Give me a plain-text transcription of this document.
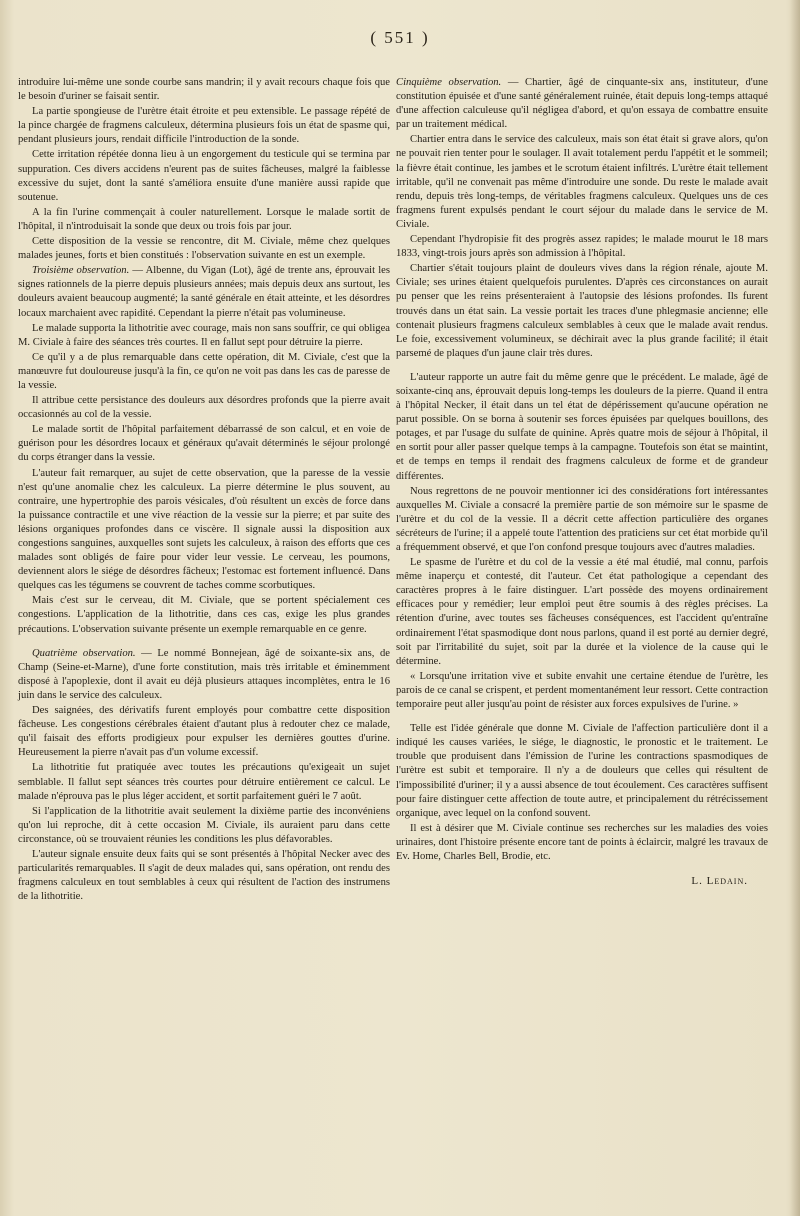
( 551 )

introduire lui-même une sonde courbe sans mandrin; il y avait recours chaque fois que le besoin d'uriner se faisait sentir.

La partie spongieuse de l'urètre était étroite et peu extensible. Le passage répété de la pince chargée de fragmens calculeux, détermina plusieurs fois un état de spasme qui, pendant plusieurs jours, rendait difficile l'introduction de la sonde.

Cette irritation répétée donna lieu à un engorgement du testicule qui se termina par suppuration. Ces divers accidens n'eurent pas de suites fâcheuses, malgré la faiblesse excessive du sujet, dont la santé s'améliora ensuite d'une manière aussi rapide que soutenue.

A la fin l'urine commençait à couler naturellement. Lorsque le malade sortit de l'hôpital, il n'introduisait la sonde que deux ou trois fois par jour.

Cette disposition de la vessie se rencontre, dit M. Civiale, même chez quelques malades jeunes, forts et bien constitués : l'observation suivante en est un exemple.

Troisième observation. — Albenne, du Vigan (Lot), âgé de trente ans, éprouvait les signes rationnels de la pierre depuis plusieurs années; mais depuis deux ans surtout, les douleurs avaient beaucoup augmenté; la santé générale en était atteinte, et les désordres locaux marchaient avec rapidité. Cependant la pierre n'était pas volumineuse.

Le malade supporta la lithotritie avec courage, mais non sans souffrir, ce qui obligea M. Civiale à faire des séances très courtes. Il en fallut sept pour détruire la pierre.

Ce qu'il y a de plus remarquable dans cette opération, dit M. Civiale, c'est que la manœuvre fut douloureuse jusqu'à la fin, ce qu'on ne voit pas dans les cas de paresse de la vessie.

Il attribue cette persistance des douleurs aux désordres profonds que la pierre avait occasionnés au col de la vessie.

Le malade sortit de l'hôpital parfaitement débarrassé de son calcul, et en voie de guérison pour les désordres locaux et généraux qu'avait déterminés le séjour prolongé du corps étranger dans la vessie.

L'auteur fait remarquer, au sujet de cette observation, que la paresse de la vessie n'est qu'une anomalie chez les calculeux. La pierre détermine le plus souvent, au contraire, une hypertrophie des parois vésicales, d'où résultent un excès de force dans la puissance contractile et une vive réaction de la vessie sur la pierre; et par suite des lésions organiques profondes dans ce viscère. Il signale aussi la disposition aux congestions sanguines, auxquelles sont sujets les calculeux, à raison des efforts que ces malades sont obligés de faire pour vider leur vessie. Le cerveau, les poumons, deviennent alors le siége de désordres fâcheux; l'estomac est fortement influencé. Dans quelques cas les tégumens se couvrent de taches comme scorbutiques.

Mais c'est sur le cerveau, dit M. Civiale, que se portent spécialement ces congestions. L'application de la lithotritie, dans ces cas, exige les plus grandes précautions. L'observation suivante présente un exemple remarquable en ce genre.

Quatrième observation. — Le nommé Bonnejean, âgé de soixante-six ans, de Champ (Seine-et-Marne), d'une forte constitution, mais très irritable et éminemment disposé à l'apoplexie, dont il avait eu déjà plusieurs attaques incomplètes, entra le 16 juin dans le service des calculeux.

Des saignées, des dérivatifs furent employés pour combattre cette disposition fâcheuse. Les congestions cérébrales étaient d'autant plus à redouter chez ce malade, qu'il faisait des efforts prodigieux pour expulser les dernières gouttes d'urine. Heureusement la pierre n'avait pas d'un volume excessif.

La lithotritie fut pratiquée avec toutes les précautions qu'exigeait un sujet semblable. Il fallut sept séances très courtes pour détruire entièrement ce calcul. Le malade n'éprouva pas le plus léger accident, et sortit parfaitement guéri le 7 août.

Si l'application de la lithotritie avait seulement la dixième partie des inconvéniens qu'on lui reproche, dit à cette occasion M. Civiale, ils auraient paru dans cette circonstance, où se trouvaient réunies les conditions les plus défavorables.

L'auteur signale ensuite deux faits qui se sont présentés à l'hôpital Necker avec des particularités remarquables. Il s'agit de deux malades qui, sans opération, ont rendu des fragmens calculeux en tout semblables à ceux qui résultent de l'action des instrumens de la lithotritie.

Cinquième observation. — Chartier, âgé de cinquante-six ans, instituteur, d'une constitution épuisée et d'une santé généralement ruinée, était depuis long-temps attaqué d'une affection calculeuse qu'il négligea d'abord, et qu'on essaya de combattre ensuite par un traitement médical.

Chartier entra dans le service des calculeux, mais son état était si grave alors, qu'on ne pouvait rien tenter pour le soulager. Il avait totalement perdu l'appétit et le sommeil; la fièvre était continue, les jambes et le scrotum étaient infiltrés. L'urètre était tellement irritable, qu'il ne convenait pas même d'introduire une sonde. Du reste le malade avait rendu, depuis très long-temps, de véritables fragmens calculeux. Quelques uns de ces fragmens furent expulsés pendant le court séjour du malade dans le service de M. Civiale.

Cependant l'hydropisie fit des progrès assez rapides; le malade mourut le 18 mars 1833, vingt-trois jours après son admission à l'hôpital.

Chartier s'était toujours plaint de douleurs vives dans la région rénale, ajoute M. Civiale; ses urines étaient quelquefois purulentes. D'après ces circonstances on aurait pu penser que les reins présenteraient à l'autopsie des lésions profondes. Ils furent trouvés dans un état sain. La vessie portait les traces d'une phlegmasie ancienne; elle contenait plusieurs fragmens calculeux semblables à ceux que le malade avait rendus. Le foie, excessivement volumineux, se déchirait avec la plus grande facilité; il était parsemé de plaques d'un jaune clair très dures.

L'auteur rapporte un autre fait du même genre que le précédent. Le malade, âgé de soixante-cinq ans, éprouvait depuis long-temps les douleurs de la pierre. Quand il entra à l'hôpital Necker, il était dans un tel état de dépérissement qu'aucune opération ne parut possible. On se borna à soutenir ses forces épuisées par quelques bouillons, des potages, et par l'usage du sulfate de quinine. Après quatre mois de séjour à l'hôpital, il en sortit pour aller passer quelque temps à la campagne. Toutefois son état se maintint, et de temps en temps il rendait des fragmens calculeux de forme et de grandeur différentes.

Nous regrettons de ne pouvoir mentionner ici des considérations fort intéressantes auxquelles M. Civiale a consacré la première partie de son mémoire sur le spasme de l'urètre et du col de la vessie. Il a décrit cette affection particulière des organes sécréteurs de l'urine; il a appelé toute l'attention des praticiens sur cet état morbide qu'il a fréquemment observé, et que l'on confond presque toujours avec d'autres maladies.

Le spasme de l'urètre et du col de la vessie a été mal étudié, mal connu, parfois même inaperçu et contesté, dit l'auteur. Cet état pathologique a cependant des caractères propres à le faire distinguer. L'art possède des moyens ordinairement efficaces pour y remédier; leur emploi peut être soumis à des règles précises. La rétention d'urine, avec toutes ses fâcheuses conséquences, est l'accident qu'entraîne ordinairement l'état spasmodique dont nous parlons, quand il est porté au dernier degré, soit par l'irritabilité du sujet, soit par la durée et la violence de la cause qui le détermine.

« Lorsqu'une irritation vive et subite envahit une certaine étendue de l'urètre, les parois de ce canal se crispent, et perdent momentanément leur ressort. Cette contraction temporaire peut aller jusqu'au point de résister aux forces expulsives de l'urine. »

Telle est l'idée générale que donne M. Civiale de l'affection particulière dont il a indiqué les causes variées, le siége, le diagnostic, le pronostic et le traitement. Le trouble que produisent dans l'émission de l'urine les contractions spasmodiques de l'urètre est subit et temporaire. Il n'y a de douleurs que celles qui résultent de l'impossibilité d'uriner; il y a aussi absence de tout écoulement. Ces caractères suffisent pour faire distinguer cette affection de toute autre, et principalement du rétrécissement organique, avec lequel on la confond souvent.

Il est à désirer que M. Civiale continue ses recherches sur les maladies des voies urinaires, dont l'histoire présente encore tant de points à éclaircir, malgré les travaux de Ev. Home, Charles Bell, Brodie, etc.

L. Ledain.
